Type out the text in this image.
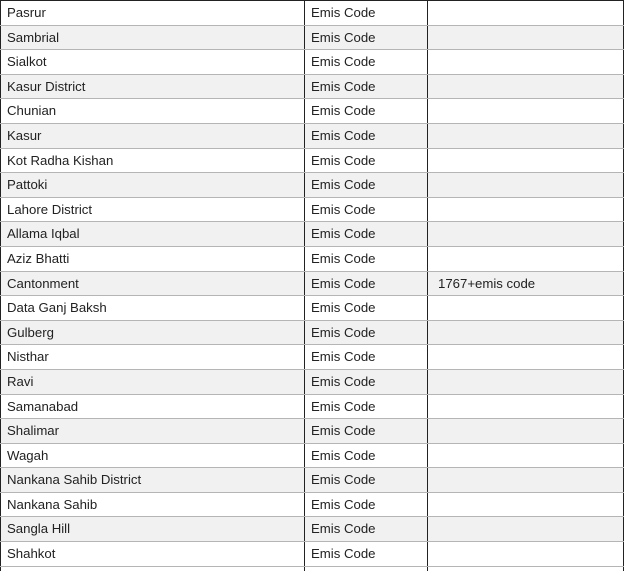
Pasrur	Emis Code
Sambrial	Emis Code
Sialkot	Emis Code
Kasur District	Emis Code
Chunian	Emis Code
Kasur	Emis Code
Kot Radha Kishan	Emis Code
Pattoki	Emis Code
Lahore District	Emis Code
Allama Iqbal	Emis Code
Aziz Bhatti	Emis Code
Cantonment	Emis Code	1767+emis code
Data Ganj Baksh	Emis Code
Gulberg	Emis Code
Nisthar	Emis Code
Ravi	Emis Code
Samanabad	Emis Code
Shalimar	Emis Code
Wagah	Emis Code
Nankana Sahib District	Emis Code
Nankana Sahib	Emis Code
Sangla Hill	Emis Code
Shahkot	Emis Code
